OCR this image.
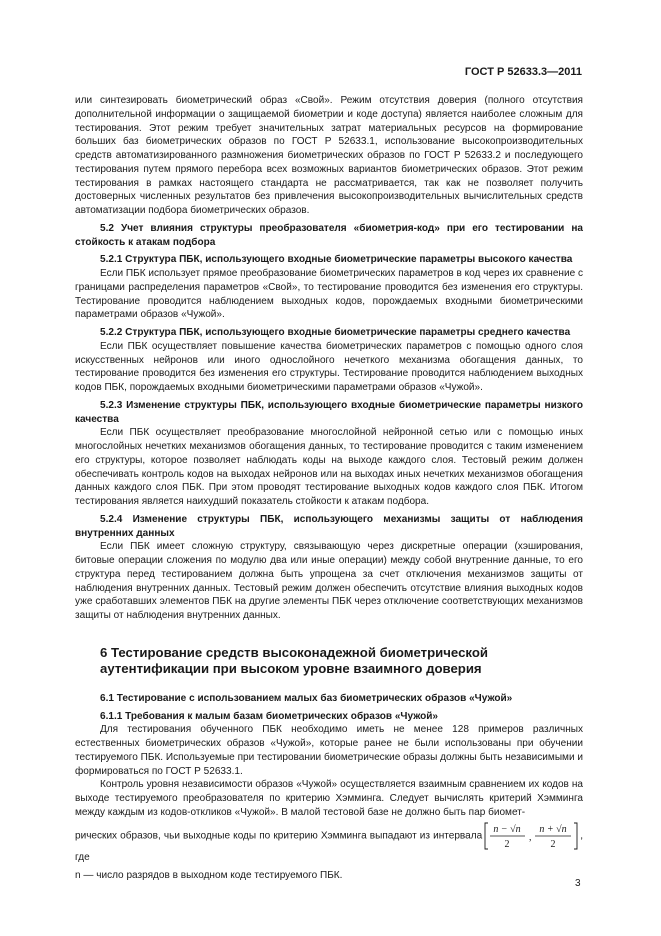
ГОСТ Р 52633.3—2011

или синтезировать биометрический образ «Свой». Режим отсутствия доверия (полного отсутствия дополнительной информации о защищаемой биометрии и коде доступа) является наиболее сложным для тестирования. Этот режим требует значительных затрат материальных ресурсов на формирование больших баз биометрических образов по ГОСТ Р 52633.1, использование высокопроизводительных средств автоматизированного размножения биометрических образов по ГОСТ Р 52633.2 и последующего тестирования путем прямого перебора всех возможных вариантов биометрических образов. Этот режим тестирования в рамках настоящего стандарта не рассматривается, так как не позволяет получить достоверных численных результатов без привлечения высокопроизводительных вычислительных средств автоматизации подбора биометрических образов.

5.2 Учет влияния структуры преобразователя «биометрия-код» при его тестировании на стойкость к атакам подбора

5.2.1 Структура ПБК, использующего входные биометрические параметры высокого качества

Если ПБК использует прямое преобразование биометрических параметров в код через их сравнение с границами распределения параметров «Свой», то тестирование проводится без изменения его структуры. Тестирование проводится наблюдением выходных кодов, порождаемых входными биометрическими параметрами образов «Чужой».

5.2.2 Структура ПБК, использующего входные биометрические параметры среднего качества

Если ПБК осуществляет повышение качества биометрических параметров с помощью одного слоя искусственных нейронов или иного однослойного нечеткого механизма обогащения данных, то тестирование проводится без изменения его структуры. Тестирование проводится наблюдением выходных кодов ПБК, порождаемых входными биометрическими параметрами образов «Чужой».

5.2.3 Изменение структуры ПБК, использующего входные биометрические параметры низкого качества

Если ПБК осуществляет преобразование многослойной нейронной сетью или с помощью иных многослойных нечетких механизмов обогащения данных, то тестирование проводится с таким изменением его структуры, которое позволяет наблюдать коды на выходе каждого слоя. Тестовый режим должен обеспечивать контроль кодов на выходах нейронов или на выходах иных нечетких механизмов обогащения данных каждого слоя ПБК. При этом проводят тестирование выходных кодов каждого слоя ПБК. Итогом тестирования является наихудший показатель стойкости к атакам подбора.

5.2.4 Изменение структуры ПБК, использующего механизмы защиты от наблюдения внутренних данных

Если ПБК имеет сложную структуру, связывающую через дискретные операции (хэширования, битовые операции сложения по модулю два или иные операции) между собой внутренние данные, то его структура перед тестированием должна быть упрощена за счет отключения механизмов защиты от наблюдения внутренних данных. Тестовый режим должен обеспечить отсутствие влияния выходных кодов уже сработавших элементов ПБК на другие элементы ПБК через отключение соответствующих механизмов защиты от наблюдения внутренних данных.

6 Тестирование средств высоконадежной биометрической аутентификации при высоком уровне взаимного доверия

6.1 Тестирование с использованием малых баз биометрических образов «Чужой»

6.1.1 Требования к малым базам биометрических образов «Чужой»

Для тестирования обученного ПБК необходимо иметь не менее 128 примеров различных естественных биометрических образов «Чужой», которые ранее не были использованы при обучении тестируемого ПБК. Используемые при тестировании биометрические образы должны быть независимыми и формироваться по ГОСТ Р 52633.1.

Контроль уровня независимости образов «Чужой» осуществляется взаимным сравнением их кодов на выходе тестируемого преобразователя по критерию Хэмминга. Следует вычислять критерий Хэмминга между каждым из кодов-откликов «Чужой». В малой тестовой базе не должно быть пар биомет-

рических образов, чьи выходные коды по критерию Хэмминга выпадают из интервала
n − √n
2
,
n + √n
2
, где

n — число разрядов в выходном коде тестируемого ПБК.

3
